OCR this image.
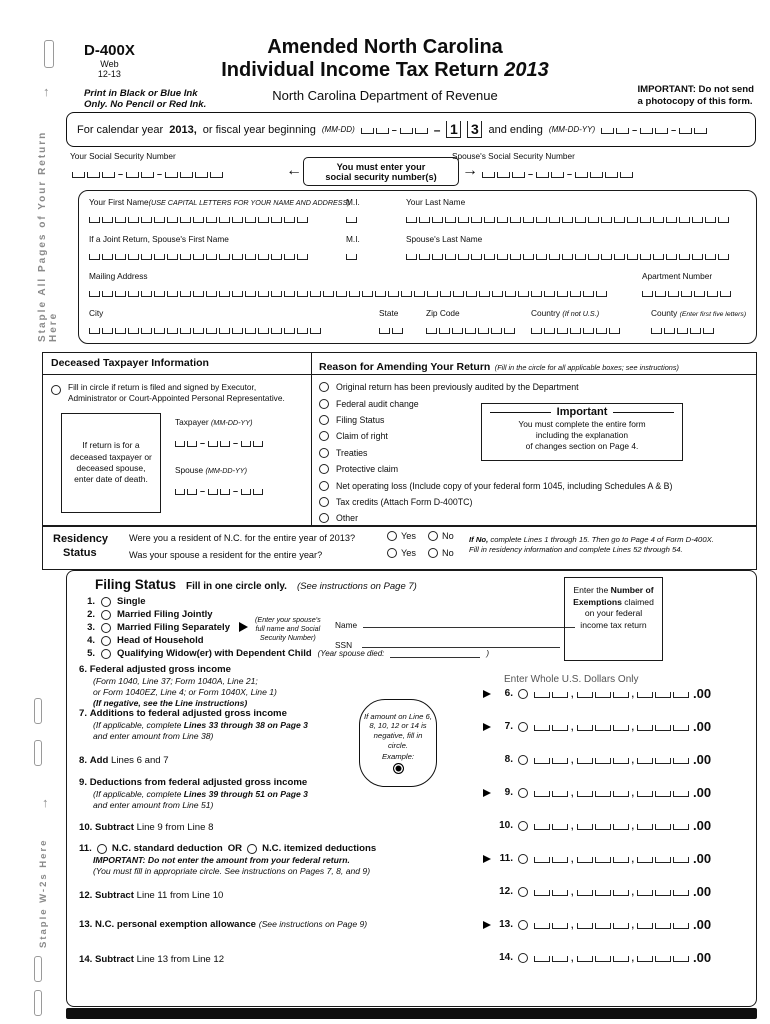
↑
Staple All Pages of Your Return Here
↑
Staple W-2s Here
D-400X
Web
12-13
Amended North Carolina
Individual Income Tax Return 2013
Print in Black or Blue Ink
Only. No Pencil or Red Ink.
North Carolina Department of Revenue	IMPORTANT: Do not send
a photocopy of this form.
For calendar year 2013, or fiscal year beginning (MM-DD)	–	– 1 3 and ending (MM-DD-YY)	–	–
Your Social Security Number
–	–	←	You must enter your
social security number(s)	→
Spouse's Social Security Number
–	–
Your First Name(USE CAPITAL LETTERS FOR YOUR NAME AND ADDRESS)
M.I.	Your Last Name
If a Joint Return, Spouse's First Name	M.I.	Spouse's Last Name
Mailing Address	Apartment Number
City	State	Zip Code	Country (If not U.S.)	County (Enter first five letters)
Deceased Taxpayer Information
Fill in circle if return is filed and signed by Executor,
Administrator or Court-Appointed Personal Representative.
If return is for a deceased taxpayer or deceased spouse, enter date of death.
Taxpayer (MM-DD-YY)
–	–
Spouse (MM-DD-YY)
–	–
Reason for Amending Your Return (Fill in the circle for all applicable boxes; see instructions)
Original return has been previously audited by the Department
Federal audit change
Filing Status
Claim of right
Treaties
Protective claim
Net operating loss (Include copy of your federal form 1045, including Schedules A & B)
Tax credits (Attach Form D-400TC)
Other
Important
You must complete the entire form
including the explanation
of changes section on Page 4.
Residency
Status
Were you a resident of N.C. for the entire year of 2013?
Was your spouse a resident for the entire year?
Yes	No
Yes	No
If No, complete Lines 1 through 15. Then go to Page 4 of Form D-400X.
Fill in residency information and complete Lines 52 through 54.
Filing Status Fill in one circle only. (See instructions on Page 7)
1. Single
2. Married Filing Jointly
3. Married Filing Separately
4. Head of Household
5. Qualifying Widow(er) with Dependent Child (Year spouse died:	)
(Enter your spouse's
full name and Social
Security Number)
Name
SSN
Enter the Number of Exemptions claimed on your federal income tax return
6. Federal adjusted gross income
(Form 1040, Line 37; Form 1040A, Line 21;
or Form 1040EZ, Line 4; or Form 1040X, Line 1)
(If negative, see the Line instructions)
Enter Whole U.S. Dollars Only
7. Additions to federal adjusted gross income
(If applicable, complete Lines 33 through 38 on Page 3
and enter amount from Line 38)
8. Add Lines 6 and 7
9. Deductions from federal adjusted gross income
(If applicable, complete Lines 39 through 51 on Page 3
and enter amount from Line 51)
10. Subtract Line 9 from Line 8
11. N.C. standard deduction OR N.C. itemized deductions
IMPORTANT: Do not enter the amount from your federal return.
(You must fill in appropriate circle. See instructions on Pages 7, 8, and 9)
12. Subtract Line 11 from Line 10
13. N.C. personal exemption allowance (See instructions on Page 9)
14. Subtract Line 13 from Line 12
If amount on Line 6, 8, 10, 12 or 14 is negative, fill in circle.
Example:
6.	,	,	.00
7.	,	,	.00
8.	,	,	.00
9.	,	,	.00
10.	,	,	.00
11.	,	,	.00
12.	,	,	.00
13.	,	,	.00
14.	,	,	.00
